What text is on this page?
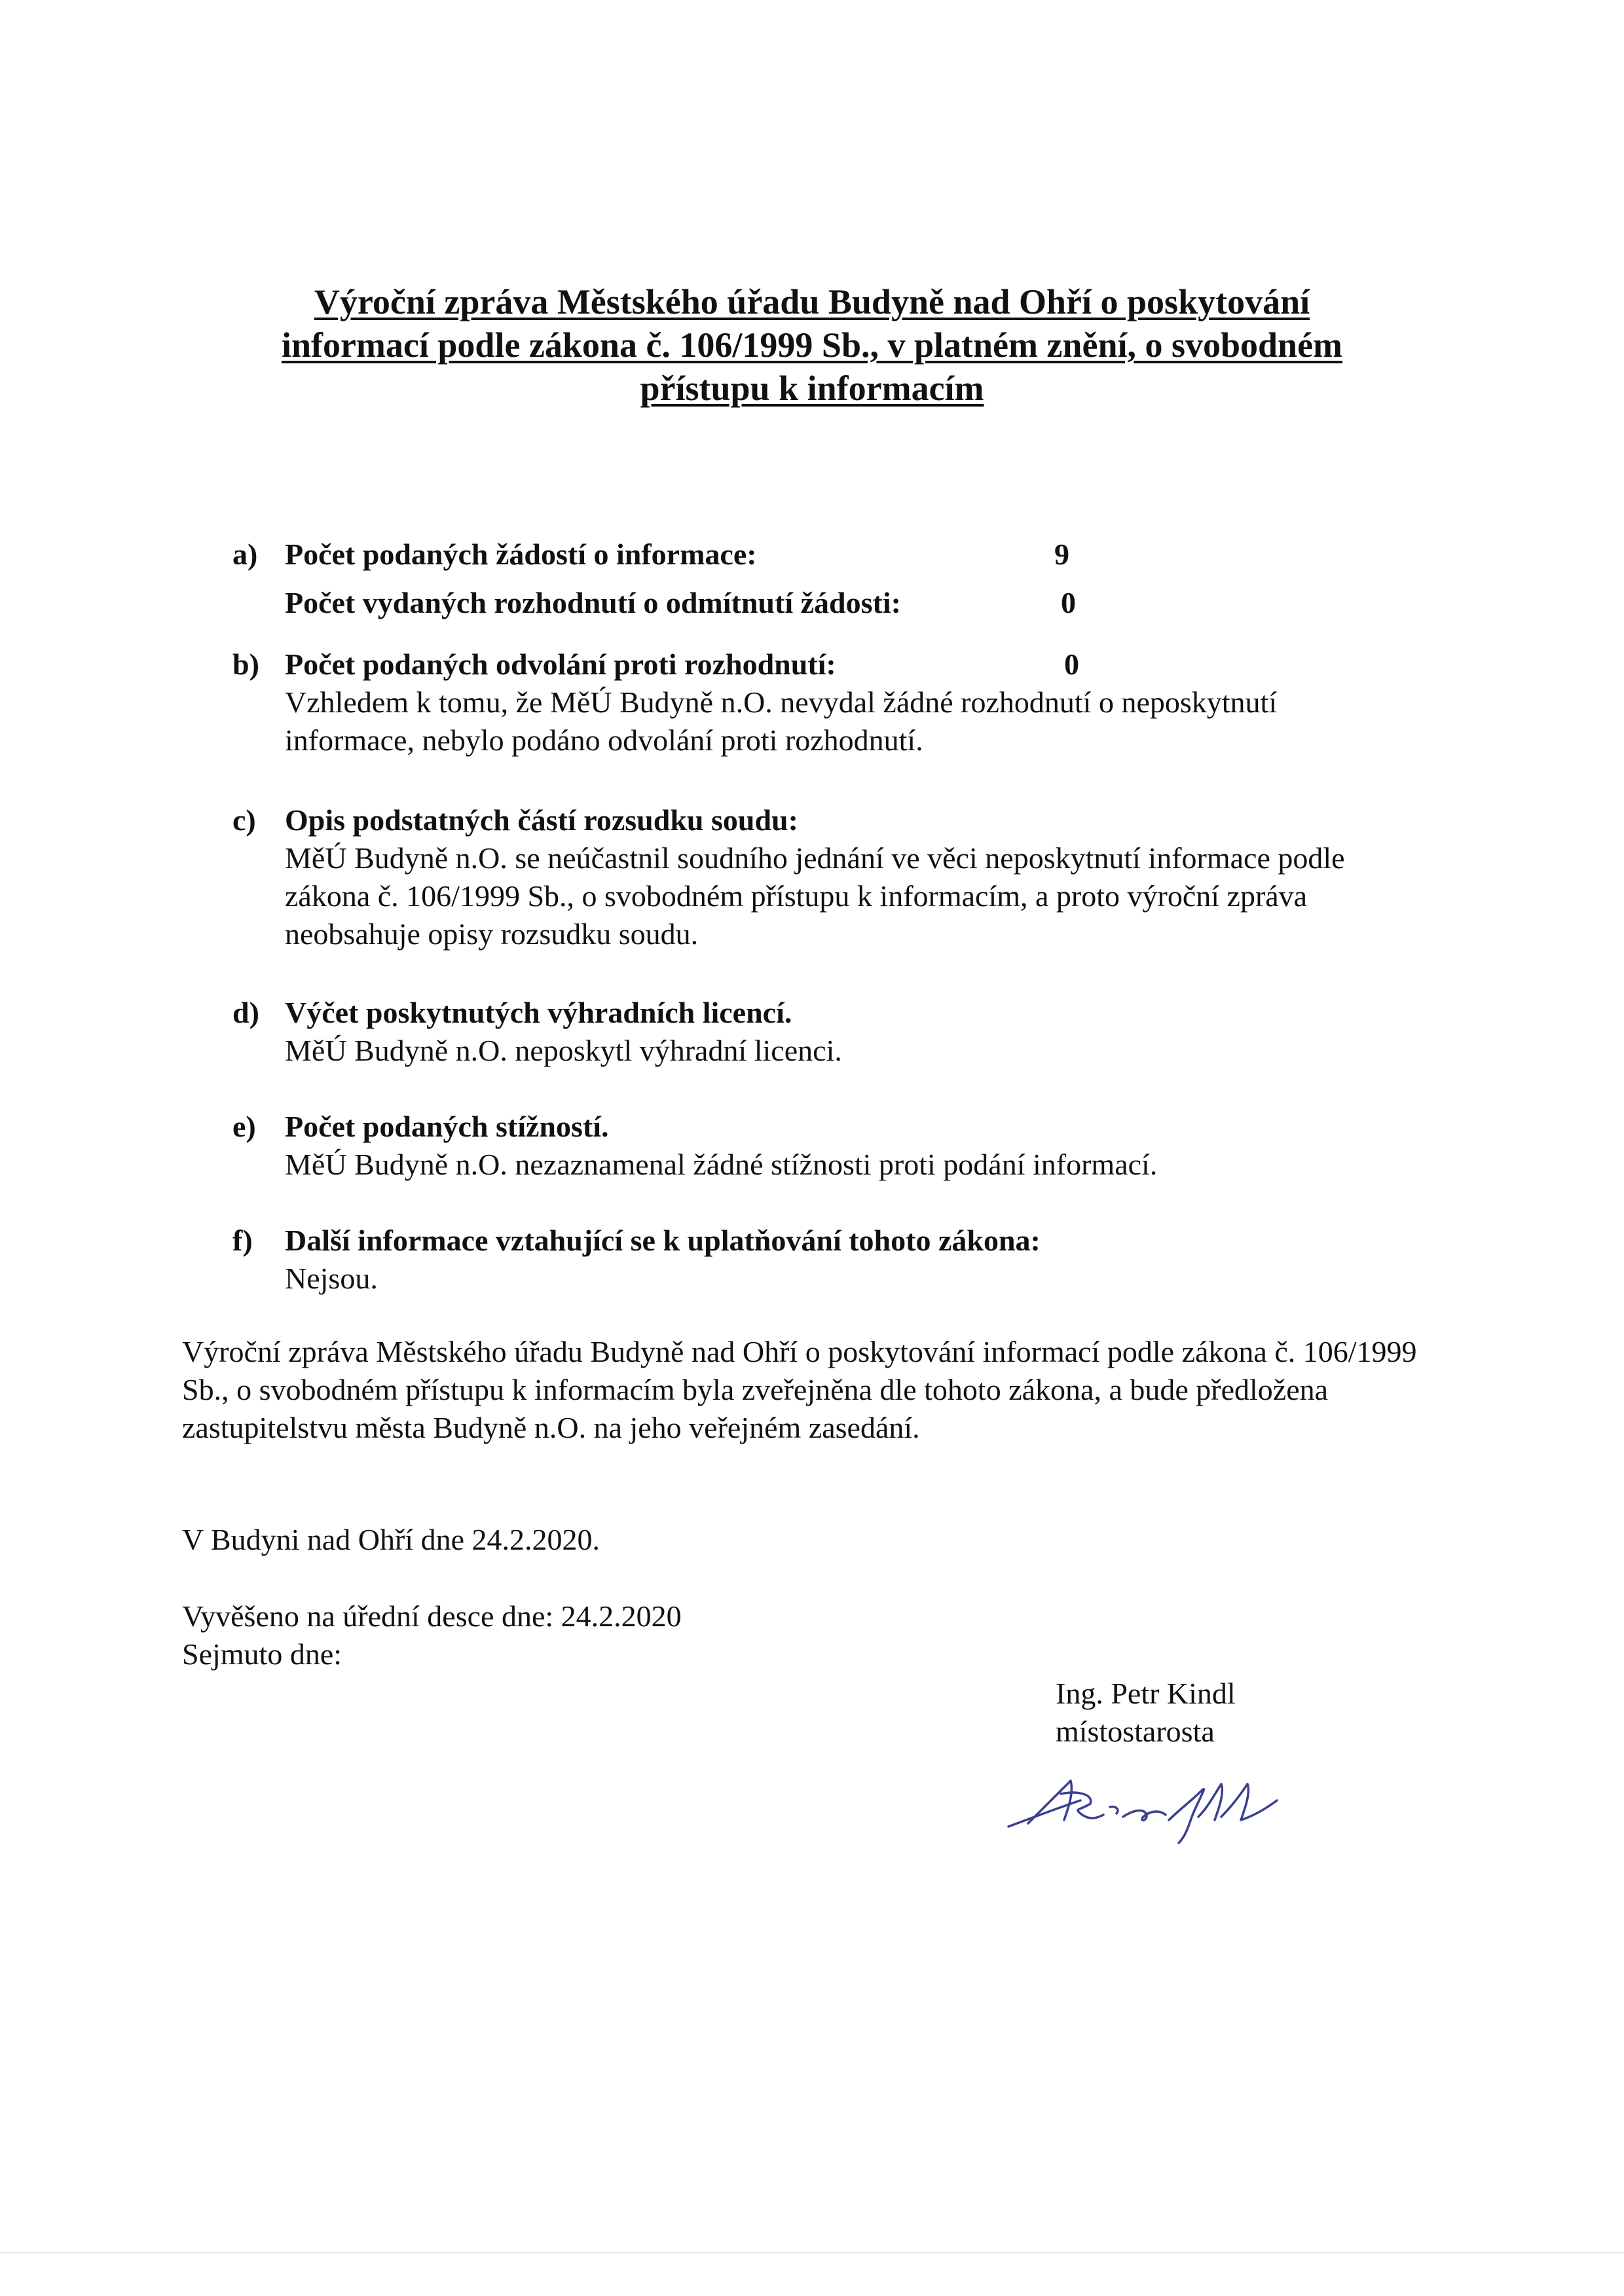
Výroční zpráva Městského úřadu Budyně nad Ohří o poskytování
informací podle zákona č. 106/1999 Sb., v platném znění, o svobodném
přístupu k informacím
a) Počet podaných žádostí o informace:	9
Počet vydaných rozhodnutí o odmítnutí žádosti:	0
b) Počet podaných odvolání proti rozhodnutí:	0
Vzhledem k tomu, že MěÚ Budyně n.O. nevydal žádné rozhodnutí o neposkytnutí informace, nebylo podáno odvolání proti rozhodnutí.
c) Opis podstatných částí rozsudku soudu:
MěÚ Budyně n.O. se neúčastnil soudního jednání ve věci neposkytnutí informace podle zákona č. 106/1999 Sb., o svobodném přístupu k informacím, a proto výroční zpráva neobsahuje opisy rozsudku soudu.
d) Výčet poskytnutých výhradních licencí.
MěÚ Budyně n.O. neposkytl výhradní licenci.
e) Počet podaných stížností.
MěÚ Budyně n.O. nezaznamenal žádné stížnosti proti podání informací.
f)	Další informace vztahující se k uplatňování tohoto zákona:
Nejsou.
Výroční zpráva Městského úřadu Budyně nad Ohří o poskytování informací podle zákona č. 106/1999 Sb., o svobodném přístupu k informacím byla zveřejněna dle tohoto zákona, a bude předložena zastupitelstvu města Budyně n.O. na jeho veřejném zasedání.
V Budyni nad Ohří dne 24.2.2020.
Vyvěšeno na úřední desce dne: 24.2.2020
Sejmuto dne:
Ing. Petr Kindl
místostarosta
